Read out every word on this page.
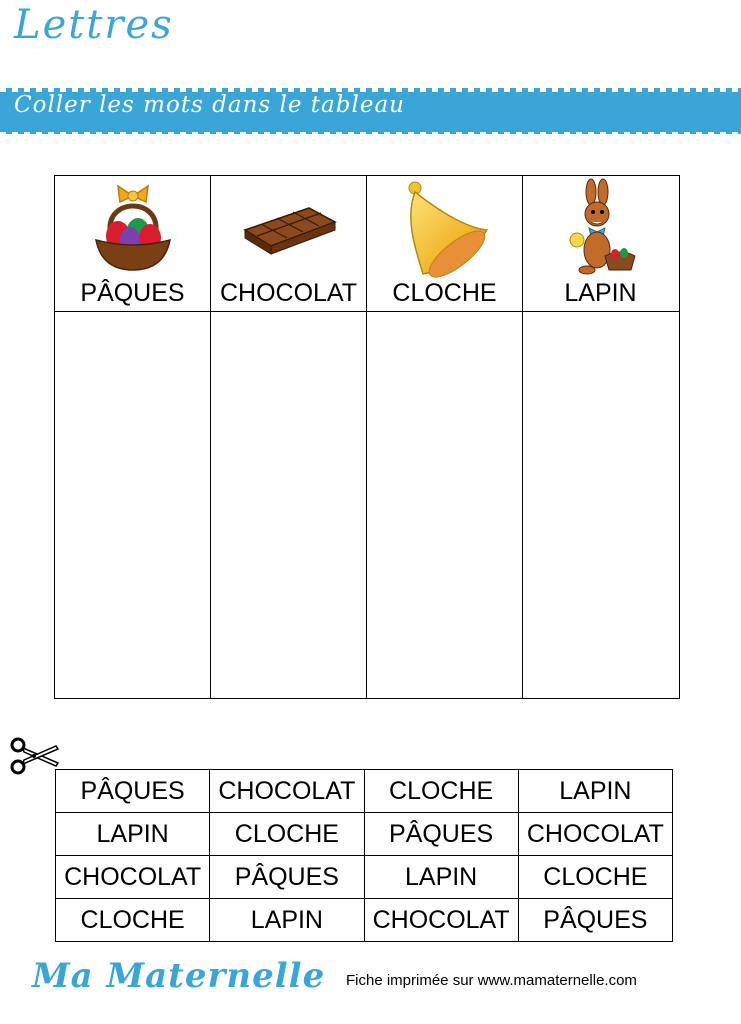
Lettres
Coller les mots dans le tableau
PÂQUES	CHOCOLAT	CLOCHE	LAPIN
PÂQUES	CHOCOLAT	CLOCHE	LAPIN
LAPIN	CLOCHE	PÂQUES	CHOCOLAT
CHOCOLAT	PÂQUES	LAPIN	CLOCHE
CLOCHE	LAPIN	CHOCOLAT	PÂQUES
Ma Maternelle Fiche imprimée sur www.mamaternelle.com
